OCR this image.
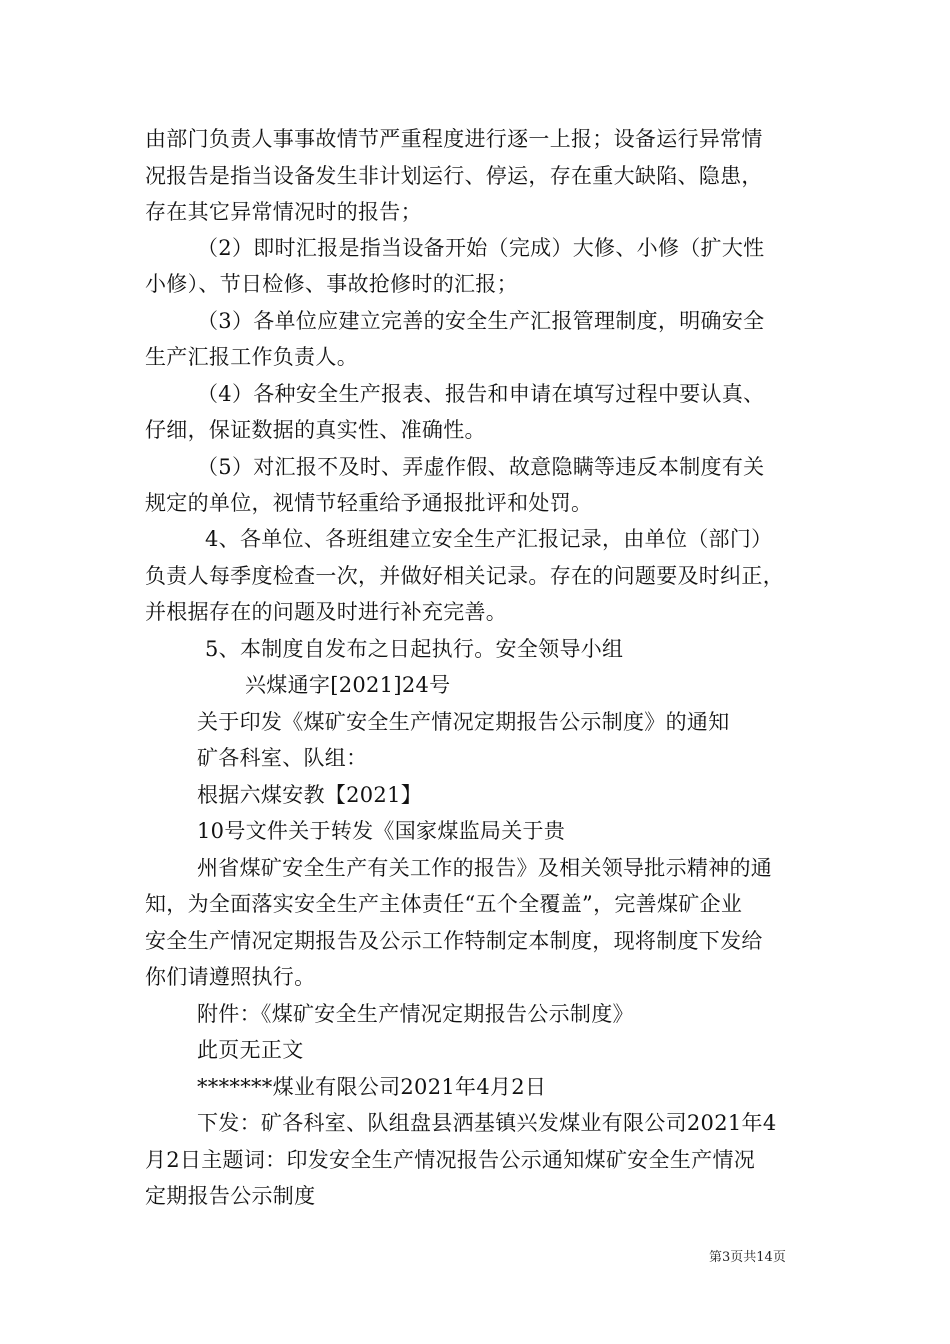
由部门负责人事事故情节严重程度进行逐一上报；设备运行异常情
况报告是指当设备发生非计划运行、停运，存在重大缺陷、隐患，
存在其它异常情况时的报告；
（2）即时汇报是指当设备开始（完成）大修、小修（扩大性
小修）、节日检修、事故抢修时的汇报；
（3）各单位应建立完善的安全生产汇报管理制度，明确安全
生产汇报工作负责人。
（4）各种安全生产报表、报告和申请在填写过程中要认真、
仔细，保证数据的真实性、准确性。
（5）对汇报不及时、弄虚作假、故意隐瞒等违反本制度有关
规定的单位，视情节轻重给予通报批评和处罚。
4、各单位、各班组建立安全生产汇报记录，由单位（部门）
负责人每季度检查一次，并做好相关记录。存在的问题要及时纠正，
并根据存在的问题及时进行补充完善。
5、本制度自发布之日起执行。安全领导小组
兴煤通字[2021]24号
关于印发《煤矿安全生产情况定期报告公示制度》的通知
矿各科室、队组：
根据六煤安教【2021】
10号文件关于转发《国家煤监局关于贵
州省煤矿安全生产有关工作的报告》及相关领导批示精神的通
知，为全面落实安全生产主体责任“五个全覆盖”，完善煤矿企业
安全生产情况定期报告及公示工作特制定本制度，现将制度下发给
你们请遵照执行。
附件：《煤矿安全生产情况定期报告公示制度》
此页无正文
*******煤业有限公司2021年4月2日
下发：矿各科室、队组盘县洒基镇兴发煤业有限公司2021年4
月2日主题词：印发安全生产情况报告公示通知煤矿安全生产情况
定期报告公示制度
第3页共14页
